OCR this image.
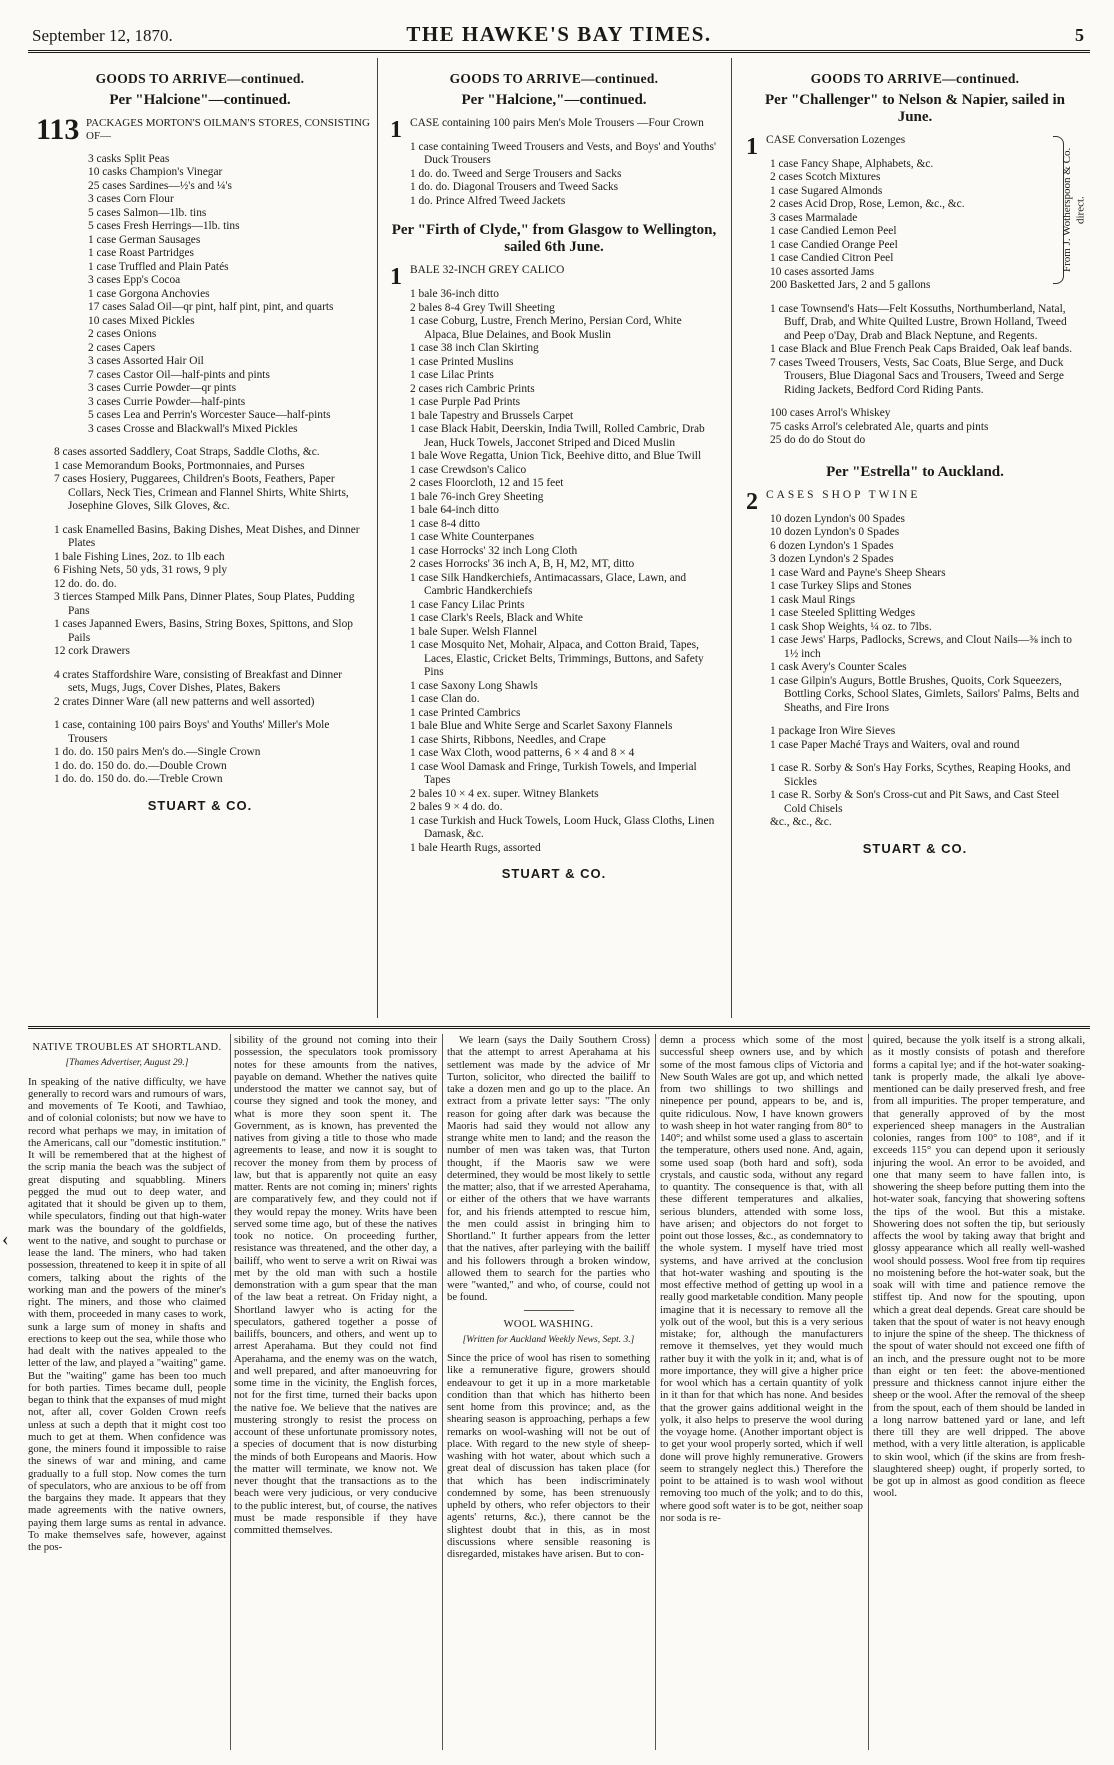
September 12, 1870.	THE HAWKE'S BAY TIMES.	5
GOODS TO ARRIVE—continued.
Per "Halcione"—continued.
113 PACKAGES MORTON'S OILMAN'S STORES, CONSISTING OF—
3 casks Split Peas
10 casks Champion's Vinegar
25 cases Sardines—½'s and ¼'s
3 cases Corn Flour
5 cases Salmon—1lb. tins
5 cases Fresh Herrings—1lb. tins
1 case German Sausages
1 case Roast Partridges
1 case Truffled and Plain Patés
3 cases Epp's Cocoa
1 case Gorgona Anchovies
17 cases Salad Oil—qr pint, half pint, pint, and quarts
10 cases Mixed Pickles
2 cases Onions
2 cases Capers
3 cases Assorted Hair Oil
7 cases Castor Oil—half-pints and pints
3 cases Currie Powder—qr pints
3 cases Currie Powder—half-pints
5 cases Lea and Perrin's Worcester Sauce—half-pints
3 cases Crosse and Blackwall's Mixed Pickles
8 cases assorted Saddlery, Coat Straps, Saddle Cloths, &c.
1 case Memorandum Books, Portmonnaies, and Purses
7 cases Hosiery, Puggarees, Children's Boots, Feathers, Paper Collars, Neck Ties, Crimean and Flannel Shirts, White Shirts, Josephine Gloves, Silk Gloves, &c.
1 cask Enamelled Basins, Baking Dishes, Meat Dishes, and Dinner Plates
1 bale Fishing Lines, 2oz. to 1lb each
6 Fishing Nets, 50 yds, 31 rows, 9 ply
12 do. do. do.
3 tierces Stamped Milk Pans, Dinner Plates, Soup Plates, Pudding Pans
1 cases Japanned Ewers, Basins, String Boxes, Spittons, and Slop Pails
12 cork Drawers
4 crates Staffordshire Ware, consisting of Breakfast and Dinner sets, Mugs, Jugs, Cover Dishes, Plates, Bakers
2 crates Dinner Ware (all new patterns and well assorted)
1 case, containing 100 pairs Boys' and Youths' Miller's Mole Trousers
1 do. do. 150 pairs Men's do.—Single Crown
1 do. do. 150 do. do.—Double Crown
1 do. do. 150 do. do.—Treble Crown
STUART & CO.
GOODS TO ARRIVE—continued.
Per "Halcione,"—continued.
1 CASE containing 100 pairs Men's Mole Trousers —Four Crown
1 case containing Tweed Trousers and Vests, and Boys' and Youths' Duck Trousers
1 do. do. Tweed and Serge Trousers and Sacks
1 do. do. Diagonal Trousers and Tweed Sacks
1 do. Prince Alfred Tweed Jackets
Per "Firth of Clyde," from Glasgow to Wellington, sailed 6th June.
1 BALE 32-INCH GREY CALICO
1 bale 36-inch ditto
2 bales 8-4 Grey Twill Sheeting
1 case Coburg, Lustre, French Merino, Persian Cord, White Alpaca, Blue Delaines, and Book Muslin
1 case 38 inch Clan Skirting
1 case Printed Muslins
1 case Lilac Prints
2 cases rich Cambric Prints
1 case Purple Pad Prints
1 bale Tapestry and Brussels Carpet
1 case Black Habit, Deerskin, India Twill, Rolled Cambric, Drab Jean, Huck Towels, Jacconet Striped and Diced Muslin
1 bale Wove Regatta, Union Tick, Beehive ditto, and Blue Twill
1 case Crewdson's Calico
2 cases Floorcloth, 12 and 15 feet
1 bale 76-inch Grey Sheeting
1 bale 64-inch ditto
1 case 8-4 ditto
1 case White Counterpanes
1 case Horrocks' 32 inch Long Cloth
2 cases Horrocks' 36 inch A, B, H, M2, MT, ditto
1 case Silk Handkerchiefs, Antimacassars, Glace, Lawn, and Cambric Handkerchiefs
1 case Fancy Lilac Prints
1 case Clark's Reels, Black and White
1 bale Super. Welsh Flannel
1 case Mosquito Net, Mohair, Alpaca, and Cotton Braid, Tapes, Laces, Elastic, Cricket Belts, Trimmings, Buttons, and Safety Pins
1 case Saxony Long Shawls
1 case Clan do.
1 case Printed Cambrics
1 bale Blue and White Serge and Scarlet Saxony Flannels
1 case Shirts, Ribbons, Needles, and Crape
1 case Wax Cloth, wood patterns, 6 × 4 and 8 × 4
1 case Wool Damask and Fringe, Turkish Towels, and Imperial Tapes
2 bales 10 × 4 ex. super. Witney Blankets
2 bales 9 × 4 do. do.
1 case Turkish and Huck Towels, Loom Huck, Glass Cloths, Linen Damask, &c.
1 bale Hearth Rugs, assorted
STUART & CO.
GOODS TO ARRIVE—continued.
Per "Challenger" to Nelson & Napier, sailed in June.
1 CASE Conversation Lozenges
1 case Fancy Shape, Alphabets, &c.
2 cases Scotch Mixtures
1 case Sugared Almonds
2 cases Acid Drop, Rose, Lemon, &c., &c.
3 cases Marmalade
1 case Candied Lemon Peel
1 case Candied Orange Peel
1 case Candied Citron Peel
10 cases assorted Jams
200 Basketted Jars, 2 and 5 gallons
From J. Wotherspoon & Co. direct.
1 case Townsend's Hats—Felt Kossuths, Northumberland, Natal, Buff, Drab, and White Quilted Lustre, Brown Holland, Tweed and Peep o'Day, Drab and Black Neptune, and Regents.
1 case Black and Blue French Peak Caps Braided, Oak leaf bands.
7 cases Tweed Trousers, Vests, Sac Coats, Blue Serge, and Duck Trousers, Blue Diagonal Sacs and Trousers, Tweed and Serge Riding Jackets, Bedford Cord Riding Pants.
100 cases Arrol's Whiskey
75 casks Arrol's celebrated Ale, quarts and pints
25 do do do Stout do
Per "Estrella" to Auckland.
2 CASES SHOP TWINE
10 dozen Lyndon's 00 Spades
10 dozen Lyndon's 0 Spades
6 dozen Lyndon's 1 Spades
3 dozen Lyndon's 2 Spades
1 case Ward and Payne's Sheep Shears
1 case Turkey Slips and Stones
1 cask Maul Rings
1 case Steeled Splitting Wedges
1 cask Shop Weights, ¼ oz. to 7lbs.
1 case Jews' Harps, Padlocks, Screws, and Clout Nails—⅜ inch to 1½ inch
1 cask Avery's Counter Scales
1 case Gilpin's Augurs, Bottle Brushes, Quoits, Cork Squeezers, Bottling Corks, School Slates, Gimlets, Sailors' Palms, Belts and Sheaths, and Fire Irons
1 package Iron Wire Sieves
1 case Paper Maché Trays and Waiters, oval and round
1 case R. Sorby & Son's Hay Forks, Scythes, Reaping Hooks, and Sickles
1 case R. Sorby & Son's Cross-cut and Pit Saws, and Cast Steel Cold Chisels
&c., &c., &c.
STUART & CO.
NATIVE TROUBLES AT SHORTLAND.
[Thames Advertiser, August 29.]

In speaking of the native difficulty, we have generally to record wars and rumours of wars, and movements of Te Kooti, and Tawhiao, and of colonial colonists; but now we have to record what perhaps we may, in imitation of the Americans, call our "domestic institution." It will be remembered that at the highest of the scrip mania the beach was the subject of great disputing and squabbling. Miners pegged the mud out to deep water, and agitated that it should be given up to them, while speculators, finding out that high-water mark was the boundary of the goldfields, went to the native, and sought to purchase or lease the land. The miners, who had taken possession, threatened to keep it in spite of all comers, talking about the rights of the working man and the powers of the miner's right. The miners, and those who claimed with them, proceeded in many cases to work, sunk a large sum of money in shafts and erections to keep out the sea, while those who had dealt with the natives appealed to the letter of the law, and played a "waiting" game. But the "waiting" game has been too much for both parties. Times became dull, people began to think that the expanses of mud might not, after all, cover Golden Crown reefs unless at such a depth that it might cost too much to get at them. When confidence was gone, the miners found it impossible to raise the sinews of war and mining, and came gradually to a full stop. Now comes the turn of speculators, who are anxious to be off from the bargains they made. It appears that they made agreements with the native owners, paying them large sums as rental in advance. To make themselves safe, however, against the pos-

sibility of the ground not coming into their possession, the speculators took promissory notes for these amounts from the natives, payable on demand. Whether the natives quite understood the matter we cannot say, but of course they signed and took the money, and what is more they soon spent it. The Government, as is known, has prevented the natives from giving a title to those who made agreements to lease, and now it is sought to recover the money from them by process of law, but that is apparently not quite an easy matter. Rents are not coming in; miners' rights are comparatively few, and they could not if they would repay the money. Writs have been served some time ago, but of these the natives took no notice. On proceeding further, resistance was threatened, and the other day, a bailiff, who went to serve a writ on Riwai was met by the old man with such a hostile demonstration with a gum spear that the man of the law beat a retreat. On Friday night, a Shortland lawyer who is acting for the speculators, gathered together a posse of bailiffs, bouncers, and others, and went up to arrest Aperahama. But they could not find Aperahama, and the enemy was on the watch, and well prepared, and after manoeuvring for some time in the vicinity, the English forces, not for the first time, turned their backs upon the native foe. We believe that the natives are mustering strongly to resist the process on account of these unfortunate promissory notes, a species of document that is now disturbing the minds of both Europeans and Maoris. How the matter will terminate, we know not. We never thought that the transactions as to the beach were very judicious, or very conducive to the public interest, but, of course, the natives must be made responsible if they have committed themselves.

We learn (says the Daily Southern Cross) that the attempt to arrest Aperahama at his settlement was made by the advice of Mr Turton, solicitor, who directed the bailiff to take a dozen men and go up to the place. An extract from a private letter says: "The only reason for going after dark was because the Maoris had said they would not allow any strange white men to land; and the reason the number of men was taken was, that Turton thought, if the Maoris saw we were determined, they would be most likely to settle the matter; also, that if we arrested Aperahama, or either of the others that we have warrants for, and his friends attempted to rescue him, the men could assist in bringing him to Shortland." It further appears from the letter that the natives, after parleying with the bailiff and his followers through a broken window, allowed them to search for the parties who were "wanted," and who, of course, could not be found.

WOOL WASHING.
[Written for Auckland Weekly News, Sept. 3.]

Since the price of wool has risen to something like a remunerative figure, growers should endeavour to get it up in a more marketable condition than that which has hitherto been sent home from this province; and, as the shearing season is approaching, perhaps a few remarks on wool-washing will not be out of place. With regard to the new style of sheep-washing with hot water, about which such a great deal of discussion has taken place (for that which has been indiscriminately condemned by some, has been strenuously upheld by others, who refer objectors to their agents' returns, &c.), there cannot be the slightest doubt that in this, as in most discussions where sensible reasoning is disregarded, mistakes have arisen. But to con-

demn a process which some of the most successful sheep owners use, and by which some of the most famous clips of Victoria and New South Wales are got up, and which netted from two shillings to two shillings and ninepence per pound, appears to be, and is, quite ridiculous. Now, I have known growers to wash sheep in hot water ranging from 80° to 140°; and whilst some used a glass to ascertain the temperature, others used none. And, again, some used soap (both hard and soft), soda crystals, and caustic soda, without any regard to quantity. The consequence is that, with all these different temperatures and alkalies, serious blunders, attended with some loss, have arisen; and objectors do not forget to point out those losses, &c., as condemnatory to the whole system. I myself have tried most systems, and have arrived at the conclusion that hot-water washing and spouting is the most effective method of getting up wool in a really good marketable condition. Many people imagine that it is necessary to remove all the yolk out of the wool, but this is a very serious mistake; for, although the manufacturers remove it themselves, yet they would much rather buy it with the yolk in it; and, what is of more importance, they will give a higher price for wool which has a certain quantity of yolk in it than for that which has none. And besides that the grower gains additional weight in the yolk, it also helps to preserve the wool during the voyage home. (Another important object is to get your wool properly sorted, which if well done will prove highly remunerative. Growers seem to strangely neglect this.) Therefore the point to be attained is to wash wool without removing too much of the yolk; and to do this, where good soft water is to be got, neither soap nor soda is re-

quired, because the yolk itself is a strong alkali, as it mostly consists of potash and therefore forms a capital lye; and if the hot-water soaking-tank is properly made, the alkali lye above-mentioned can be daily preserved fresh, and free from all impurities. The proper temperature, and that generally approved of by the most experienced sheep managers in the Australian colonies, ranges from 100° to 108°, and if it exceeds 115° you can depend upon it seriously injuring the wool. An error to be avoided, and one that many seem to have fallen into, is showering the sheep before putting them into the hot-water soak, fancying that showering softens the tips of the wool. But this a mistake. Showering does not soften the tip, but seriously affects the wool by taking away that bright and glossy appearance which all really well-washed wool should possess. Wool free from tip requires no moistening before the hot-water soak, but the soak will with time and patience remove the stiffest tip. And now for the spouting, upon which a great deal depends. Great care should be taken that the spout of water is not heavy enough to injure the spine of the sheep. The thickness of the spout of water should not exceed one fifth of an inch, and the pressure ought not to be more than eight or ten feet: the above-mentioned pressure and thickness cannot injure either the sheep or the wool. After the removal of the sheep from the spout, each of them should be landed in a long narrow battened yard or lane, and left there till they are well dripped. The above method, with a very little alteration, is applicable to skin wool, which (if the skins are from fresh-slaughtered sheep) ought, if properly sorted, to be got up in almost as good condition as fleece wool.

‹
